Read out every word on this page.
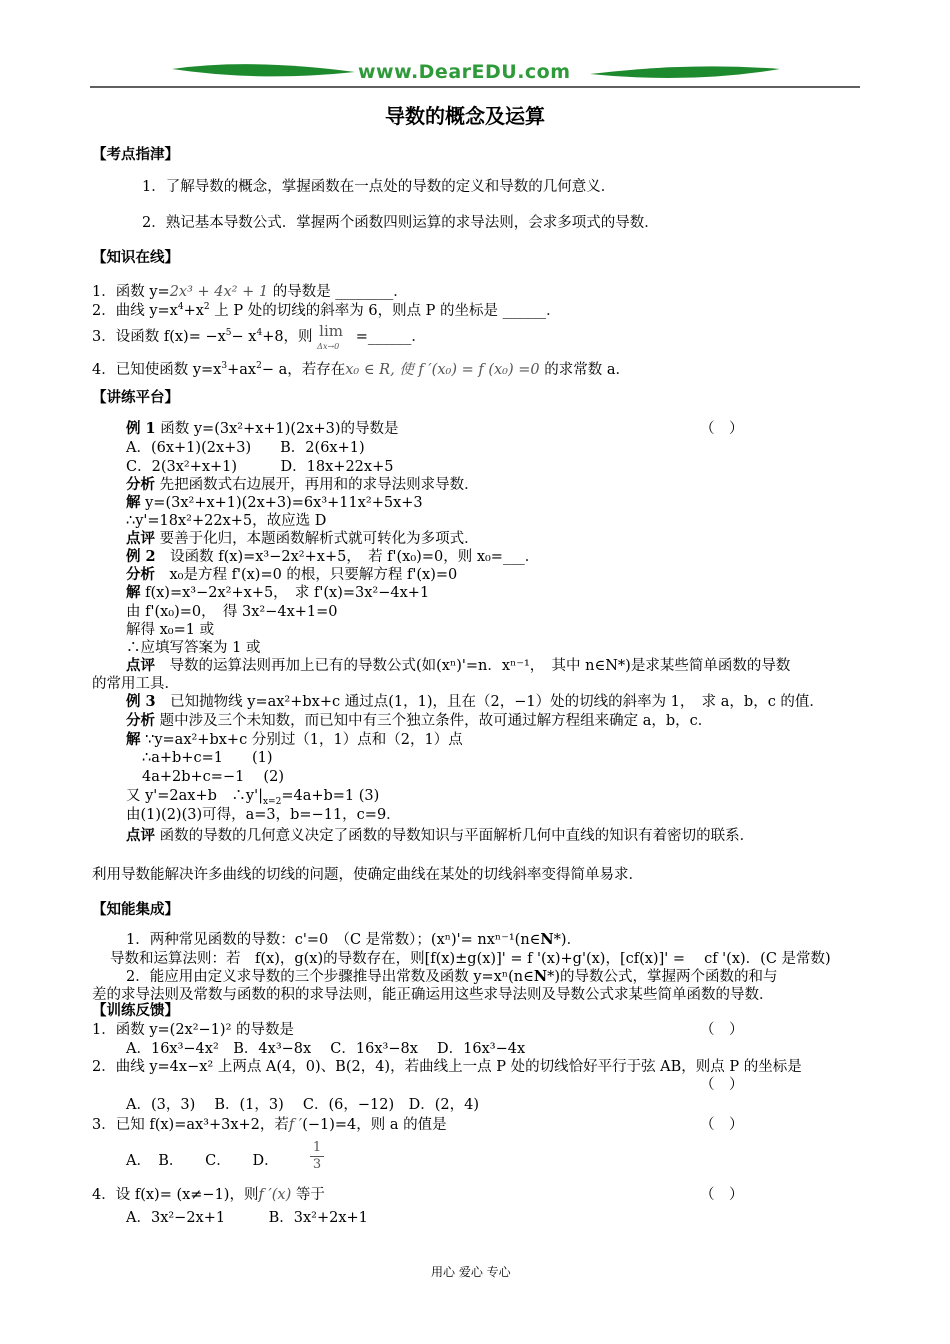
www.DearEDU.com
导数的概念及运算
【考点指津】
1．了解导数的概念，掌握函数在一点处的导数的定义和导数的几何意义．
2．熟记基本导数公式．掌握两个函数四则运算的求导法则，会求多项式的导数．
【知识在线】
1．函数 y=2x³ + 4x² + 1 的导数是 ________．
2．曲线 $y=x^4+x^2$ 上 P 处的切线的斜率为 6，则点 P 的坐标是 ______．
3．设函数 $f(x)= -x^5- x^4+8$，则 lim
Δx→0
=______．
4．已知使函数 $y=x^3+ax^2- a$，若存在x₀ ∈ R, 使 f ′(x₀) = f (x₀) =0 的求常数 a．
【讲练平台】
例 1 函数 y=(3x²+x+1)(2x+3)的导数是	（　）
A．(6x+1)(2x+3)　　B．2(6x+1)
C．2(3x²+x+1)　　　D．18x+22x+5
分析 先把函数式右边展开，再用和的求导法则求导数．
解 y=(3x²+x+1)(2x+3)=6x³+11x²+5x+3
∴y'=18x²+22x+5，故应选 D
点评 要善于化归，本题函数解析式就可转化为多项式．
例 2　设函数 f(x)=x³−2x²+x+5，　若 f'(x₀)=0，则 x₀=___．
分析　x₀是方程 f'(x)=0 的根，只要解方程 f'(x)=0
解 f(x)=x³−2x²+x+5，　求 f'(x)=3x²−4x+1
由 f'(x₀)=0，　得 3x²−4x+1=0
解得 x₀=1 或
∴应填写答案为 1 或
点评　导数的运算法则再加上已有的导数公式(如(xⁿ)'=n．xⁿ⁻¹，　其中 n∈N*)是求某些简单函数的导数
的常用工具．
例 3　已知抛物线 y=ax²+bx+c 通过点(1，1)，且在（2，−1）处的切线的斜率为 1，　求 a，b，c 的值．
分析 题中涉及三个未知数，而已知中有三个独立条件，故可通过解方程组来确定 a，b，c．
解 ∵y=ax²+bx+c 分别过（1，1）点和（2，1）点
∴a+b+c=1　　(1)
4a+2b+c=−1　 (2)
又 y'=2ax+b　$\therefore y'|_{x=2}=4a+b=1$ (3)
由(1)(2)(3)可得，a=3，b=−11，c=9．
点评 函数的导数的几何意义决定了函数的导数知识与平面解析几何中直线的知识有着密切的联系．
利用导数能解决许多曲线的切线的问题，使确定曲线在某处的切线斜率变得简单易求．
【知能集成】
1．两种常见函数的导数：c'=0　（C 是常数）；(xⁿ)'= nxⁿ⁻¹(n∈N*)．
导数和运算法则：若　f(x)，g(x)的导数存在，则[f(x)±g(x)]' = f '(x)+g'(x)，[cf(x)]' =　 cf '(x)．(C 是常数)
2．能应用由定义求导数的三个步骤推导出常数及函数 y=xⁿ(n∈N*)的导数公式，掌握两个函数的和与
差的求导法则及常数与函数的积的求导法则，能正确运用这些求导法则及导数公式求某些简单函数的导数．
【训练反馈】
1．函数 y=(2x²−1)² 的导数是	（　）
A．16x³−4x²　B．4x³−8x　 C．16x³−8x　 D．16x³−4x
2．曲线 y=4x−x² 上两点 A(4，0)、B(2，4)，若曲线上一点 P 处的切线恰好平行于弦 AB，则点 P 的坐标是
（　）
A．(3，3)　 B．(1，3)　 C．(6，−12)　D．(2，4)
3．已知 f(x)=ax³+3x+2，若f ′(−1)=4，则 a 的值是	（　）
A．　B．　　C．　　D．
1
3
4．设 f(x)= (x≠−1)，则f ′(x) 等于	（　）
A．3x²−2x+1　　　B．3x²+2x+1
用心 爱心 专心
